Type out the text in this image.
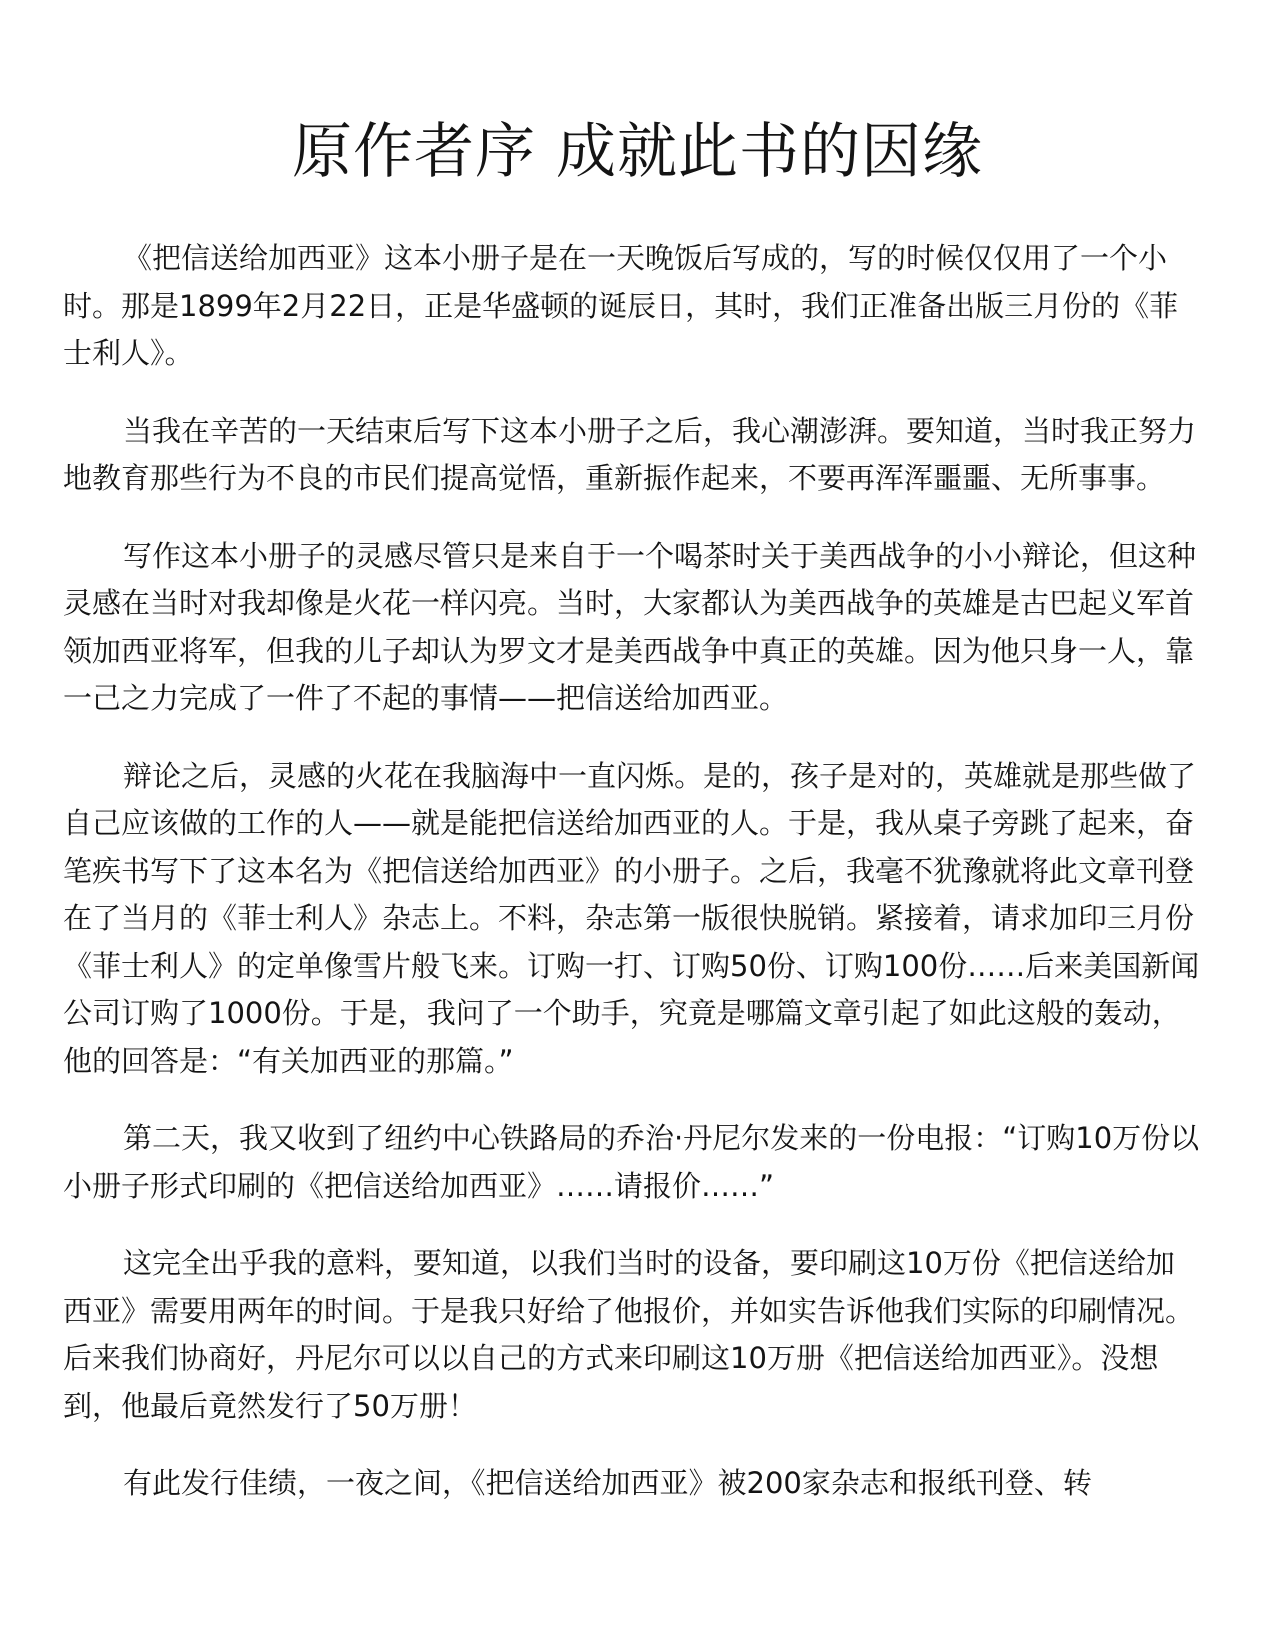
原作者序 成就此书的因缘

《把信送给加西亚》这本小册子是在一天晚饭后写成的，写的时候仅仅用了一个小时。那是1899年2月22日，正是华盛顿的诞辰日，其时，我们正准备出版三月份的《菲士利人》。

当我在辛苦的一天结束后写下这本小册子之后，我心潮澎湃。要知道，当时我正努力地教育那些行为不良的市民们提高觉悟，重新振作起来，不要再浑浑噩噩、无所事事。

写作这本小册子的灵感尽管只是来自于一个喝茶时关于美西战争的小小辩论，但这种灵感在当时对我却像是火花一样闪亮。当时，大家都认为美西战争的英雄是古巴起义军首领加西亚将军，但我的儿子却认为罗文才是美西战争中真正的英雄。因为他只身一人，靠一己之力完成了一件了不起的事情——把信送给加西亚。

辩论之后，灵感的火花在我脑海中一直闪烁。是的，孩子是对的，英雄就是那些做了自己应该做的工作的人——就是能把信送给加西亚的人。于是，我从桌子旁跳了起来，奋笔疾书写下了这本名为《把信送给加西亚》的小册子。之后，我毫不犹豫就将此文章刊登在了当月的《菲士利人》杂志上。不料，杂志第一版很快脱销。紧接着，请求加印三月份《菲士利人》的定单像雪片般飞来。订购一打、订购50份、订购100份……后来美国新闻公司订购了1000份。于是，我问了一个助手，究竟是哪篇文章引起了如此这般的轰动，他的回答是：“有关加西亚的那篇。”

第二天，我又收到了纽约中心铁路局的乔治·丹尼尔发来的一份电报：“订购10万份以小册子形式印刷的《把信送给加西亚》……请报价……”

这完全出乎我的意料，要知道，以我们当时的设备，要印刷这10万份《把信送给加西亚》需要用两年的时间。于是我只好给了他报价，并如实告诉他我们实际的印刷情况。后来我们协商好，丹尼尔可以以自己的方式来印刷这10万册《把信送给加西亚》。没想到，他最后竟然发行了50万册！

有此发行佳绩，一夜之间，《把信送给加西亚》被200家杂志和报纸刊登、转
